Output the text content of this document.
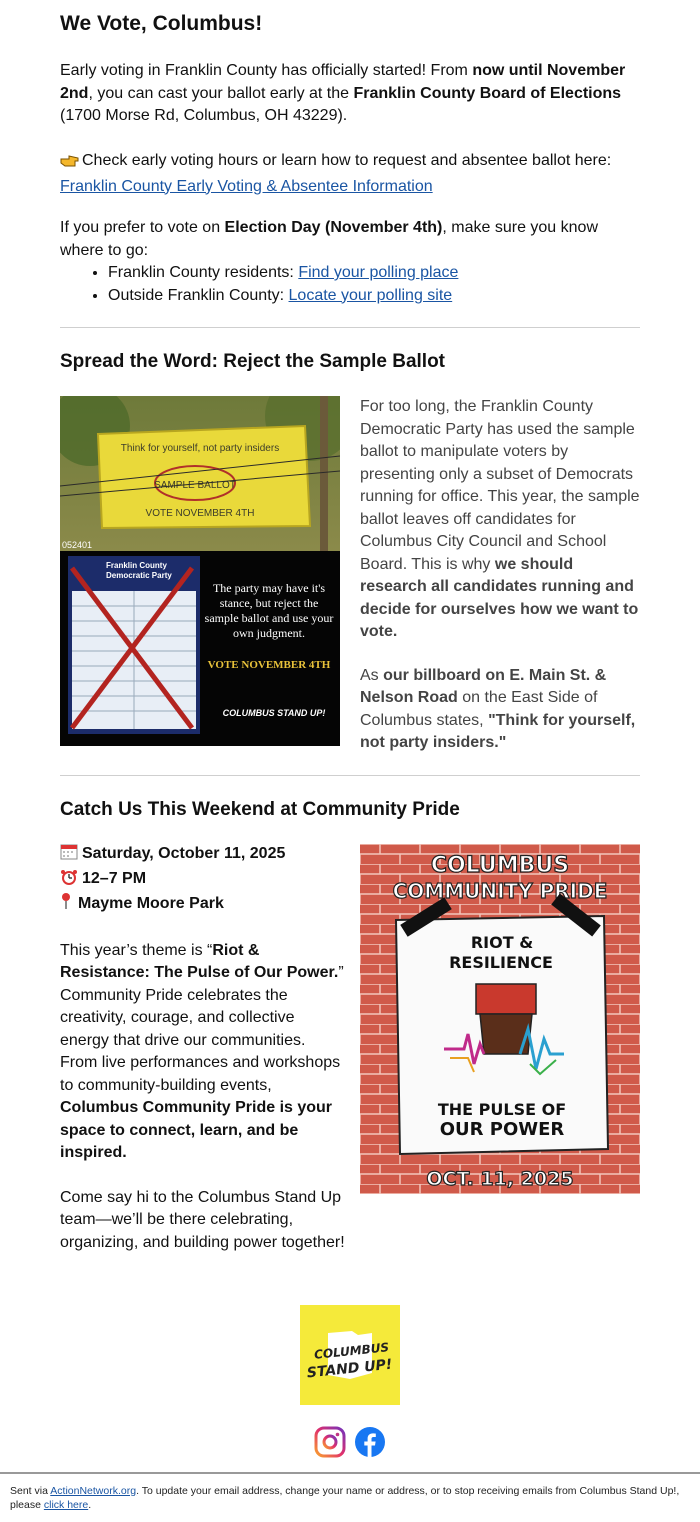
We Vote, Columbus!

Early voting in Franklin County has officially started! From now until November 2nd, you can cast your ballot early at the Franklin County Board of Elections (1700 Morse Rd, Columbus, OH 43229).

Check early voting hours or learn how to request and absentee ballot here:
Franklin County Early Voting & Absentee Information

If you prefer to vote on Election Day (November 4th), make sure you know where to go:

• Franklin County residents: Find your polling place
• Outside Franklin County: Locate your polling site
Spread the Word: Reject the Sample Ballot
Think for yourself, not party insiders
SAMPLE BALLOT
VOTE NOVEMBER 4TH
052401
Franklin County
Democratic Party
The party may have it's stance, but reject the sample ballot and use your own judgment.
VOTE NOVEMBER 4TH
COLUMBUS STAND UP!

For too long, the Franklin County Democratic Party has used the sample ballot to manipulate voters by presenting only a subset of Democrats running for office. This year, the sample ballot leaves off candidates for Columbus City Council and School Board. This is why we should research all candidates running and decide for ourselves how we want to vote.

As our billboard on E. Main St. & Nelson Road on the East Side of Columbus states, "Think for yourself, not party insiders."

Catch Us This Weekend at Community Pride

Saturday, October 11, 2025
12–7 PM
Mayme Moore Park

This year’s theme is “Riot & Resistance: The Pulse of Our Power.” Community Pride celebrates the creativity, courage, and collective energy that drive our communities. From live performances and workshops to community-building events, Columbus Community Pride is your space to connect, learn, and be inspired.

Come say hi to the Columbus Stand Up team—we’ll be there celebrating, organizing, and building power together!

COLUMBUS
COMMUNITY PRIDE
RIOT &
RESILIENCE
THE PULSE OF
OUR POWER
OCT. 11, 2025
COLUMBUS
STAND UP!
Sent via ActionNetwork.org. To update your email address, change your name or address, or to stop receiving emails from Columbus Stand Up!, please click here.
